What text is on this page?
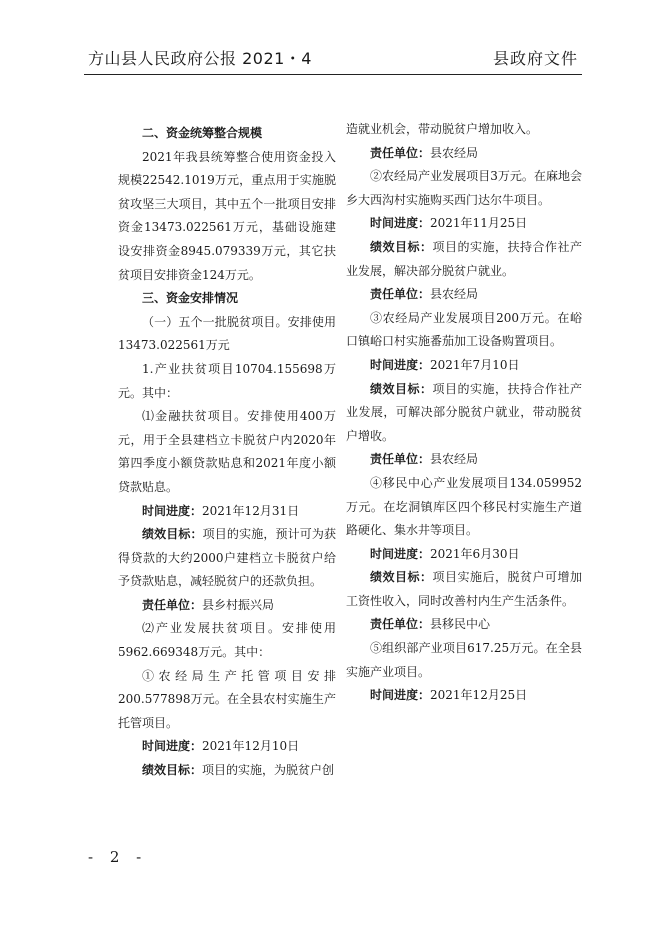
方山县人民政府公报 2021・4	县政府文件

二、资金统筹整合规模

2021年我县统筹整合使用资金投入规模22542.1019万元，重点用于实施脱贫攻坚三大项目，其中五个一批项目安排资金13473.022561万元，基础设施建设安排资金8945.079339万元，其它扶贫项目安排资金124万元。

三、资金安排情况

（一）五个一批脱贫项目。安排使用13473.022561万元

1.产业扶贫项目10704.155698万元。其中：

⑴金融扶贫项目。安排使用400万元，用于全县建档立卡脱贫户内2020年第四季度小额贷款贴息和2021年度小额贷款贴息。

时间进度：2021年12月31日

绩效目标：项目的实施，预计可为获得贷款的大约2000户建档立卡脱贫户给予贷款贴息，减轻脱贫户的还款负担。

责任单位：县乡村振兴局

⑵产业发展扶贫项目。安排使用5962.669348万元。其中：

①农经局生产托管项目安排200.577898万元。在全县农村实施生产托管项目。

时间进度：2021年12月10日

绩效目标：项目的实施，为脱贫户创

造就业机会，带动脱贫户增加收入。

责任单位：县农经局

②农经局产业发展项目3万元。在麻地会乡大西沟村实施购买西门达尔牛项目。

时间进度：2021年11月25日

绩效目标：项目的实施，扶持合作社产业发展，解决部分脱贫户就业。

责任单位：县农经局

③农经局产业发展项目200万元。在峪口镇峪口村实施番茄加工设备购置项目。

时间进度：2021年7月10日

绩效目标：项目的实施，扶持合作社产业发展，可解决部分脱贫户就业，带动脱贫户增收。

责任单位：县农经局

④移民中心产业发展项目134.059952万元。在圪洞镇库区四个移民村实施生产道路硬化、集水井等项目。

时间进度：2021年6月30日

绩效目标：项目实施后，脱贫户可增加工资性收入，同时改善村内生产生活条件。

责任单位：县移民中心

⑤组织部产业项目617.25万元。在全县实施产业项目。

时间进度：2021年12月25日

- 2 -
